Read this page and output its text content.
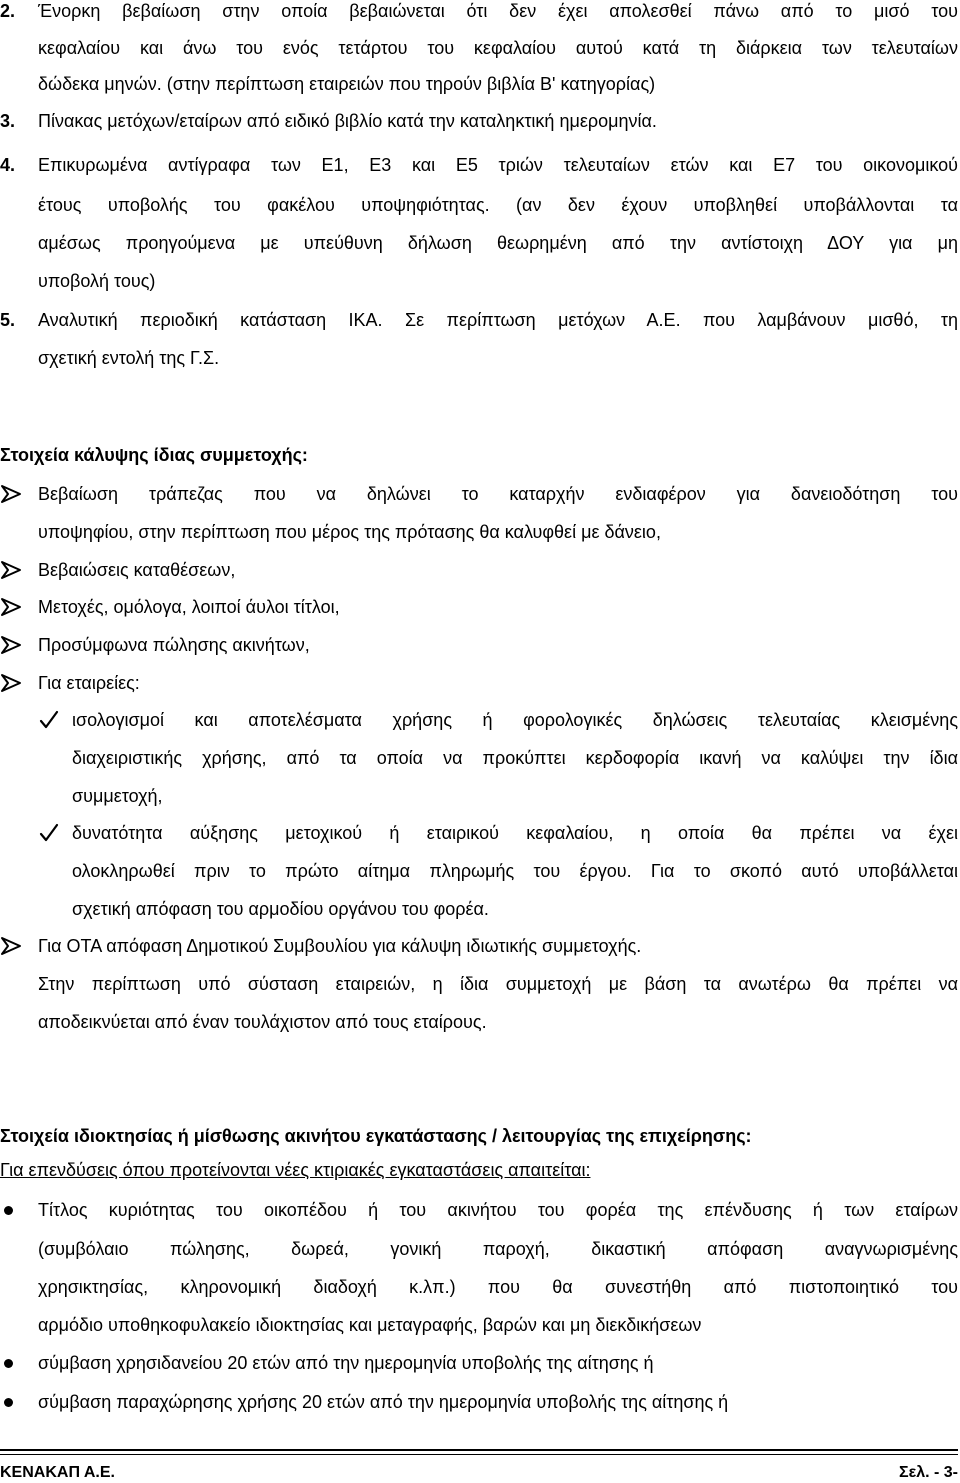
2. Ένορκη βεβαίωση στην οποία βεβαιώνεται ότι δεν έχει απολεσθεί πάνω από το μισό του
κεφαλαίου και άνω του ενός τετάρτου του κεφαλαίου αυτού κατά τη διάρκεια των τελευταίων
δώδεκα μηνών. (στην περίπτωση εταιρειών που τηρούν βιβλία Β' κατηγορίας)
3. Πίνακας μετόχων/εταίρων από ειδικό βιβλίο κατά την καταληκτική ημερομηνία.
4. Επικυρωμένα αντίγραφα των Ε1, Ε3 και Ε5 τριών τελευταίων ετών και Ε7 του οικονομικού
έτους υποβολής του φακέλου υποψηφιότητας. (αν δεν έχουν υποβληθεί υποβάλλονται τα
αμέσως προηγούμενα με υπεύθυνη δήλωση θεωρημένη από την αντίστοιχη ΔΟΥ για μη
υποβολή τους)
5. Αναλυτική περιοδική κατάσταση ΙΚΑ. Σε περίπτωση μετόχων Α.Ε. που λαμβάνουν μισθό, τη
σχετική εντολή της Γ.Σ.
Στοιχεία κάλυψης ίδιας συμμετοχής:
Βεβαίωση τράπεζας που να δηλώνει το καταρχήν ενδιαφέρον για δανειοδότηση του
υποψηφίου, στην περίπτωση που μέρος της πρότασης θα καλυφθεί με δάνειο,
Βεβαιώσεις καταθέσεων,
Μετοχές, ομόλογα, λοιποί άυλοι τίτλοι,
Προσύμφωνα πώλησης ακινήτων,
Για εταιρείες:
ισολογισμοί και αποτελέσματα χρήσης ή φορολογικές δηλώσεις τελευταίας κλεισμένης
διαχειριστικής χρήσης, από τα οποία να προκύπτει κερδοφορία ικανή να καλύψει την ίδια
συμμετοχή,
δυνατότητα αύξησης μετοχικού ή εταιρικού κεφαλαίου, η οποία θα πρέπει να έχει
ολοκληρωθεί πριν το πρώτο αίτημα πληρωμής του έργου. Για το σκοπό αυτό υποβάλλεται
σχετική απόφαση του αρμοδίου οργάνου του φορέα.
Για ΟΤΑ απόφαση Δημοτικού Συμβουλίου για κάλυψη ιδιωτικής συμμετοχής.
Στην περίπτωση υπό σύσταση εταιρειών, η ίδια συμμετοχή με βάση τα ανωτέρω θα πρέπει να
αποδεικνύεται από έναν τουλάχιστον από τους εταίρους.
Στοιχεία ιδιοκτησίας ή μίσθωσης ακινήτου εγκατάστασης / λειτουργίας της επιχείρησης:
Για επενδύσεις όπου προτείνονται νέες κτιριακές εγκαταστάσεις απαιτείται:
Τίτλος κυριότητας του οικοπέδου ή του ακινήτου του φορέα της επένδυσης ή των εταίρων
(συμβόλαιο πώλησης, δωρεά, γονική παροχή, δικαστική απόφαση αναγνωρισμένης
χρησικτησίας, κληρονομική διαδοχή κ.λπ.) που θα συνεστήθη από πιστοποιητικό του
αρμόδιο υποθηκοφυλακείο ιδιοκτησίας και μεταγραφής, βαρών και μη διεκδικήσεων
σύμβαση χρησιδανείου 20 ετών από την ημερομηνία υποβολής της αίτησης ή
σύμβαση παραχώρησης χρήσης 20 ετών από την ημερομηνία υποβολής της αίτησης ή
ΚΕΝΑΚΑΠ Α.Ε.	Σελ. - 3-
